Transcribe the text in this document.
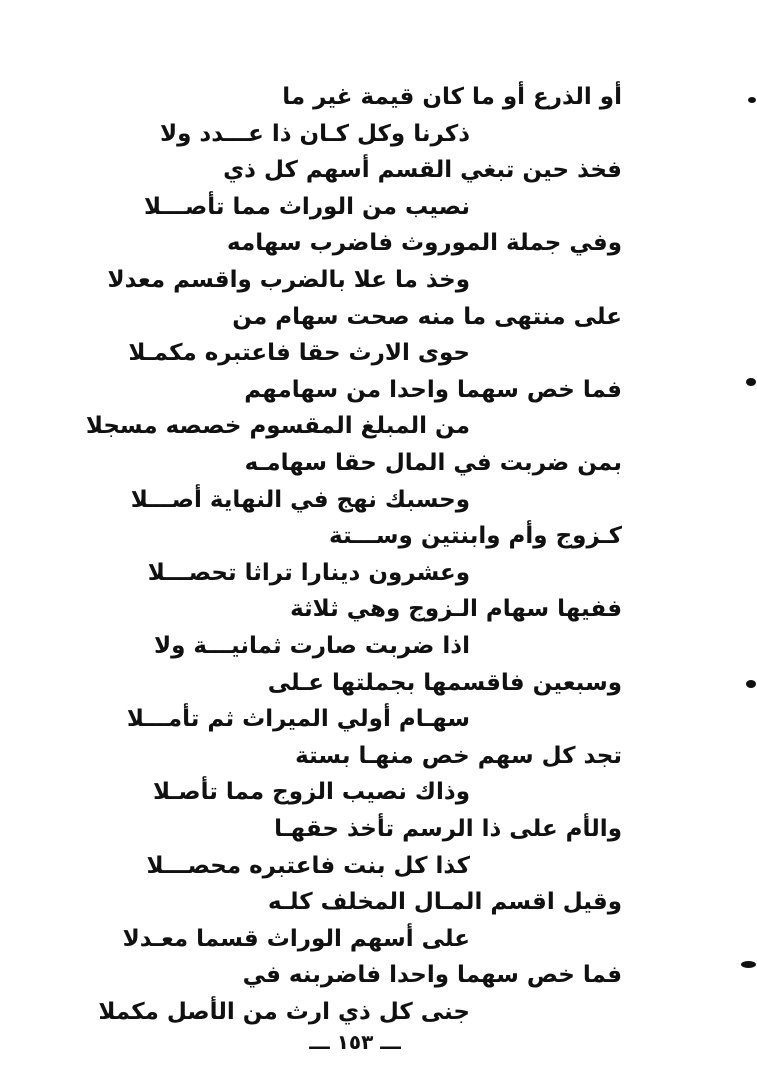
أو الذرع أو ما كان قيمة غير ما
ذكرنا وكل كـان ذا عـــدد ولا
فخذ حين تبغي القسم أسهم كل ذي
نصيب من الوراث مما تأصـــلا
وفي جملة الموروث فاضرب سهامه
وخذ ما علا بالضرب واقسم معدلا
على منتهى ما منه صحت سهام من
حوى الارث حقا فاعتبره مكمـلا
فما خص سهما واحدا من سهامهم
من المبلغ المقسوم خصصه مسجلا
بمن ضربت في المال حقا سهامـه
وحسبك نهج في النهاية أصـــلا
كـزوج وأم وابنتين وســـتة
وعشرون دينارا تراثا تحصـــلا
ففيها سهام الـزوج وهي ثلاثة
اذا ضربت صارت ثمانيـــة ولا
وسبعين فاقسمها بجملتها عـلى
سهـام أولي الميراث ثم تأمـــلا
تجد كل سهم خص منهـا بستة
وذاك نصيب الزوج مما تأصـلا
والأم على ذا الرسم تأخذ حقهـا
كذا كل بنت فاعتبره محصـــلا
وقيل اقسم المـال المخلف كلـه
على أسهم الوراث قسما معـدلا
فما خص سهما واحدا فاضربنه في
جنى كل ذي ارث من الأصل مكملا
ـــ ١٥٣ ـــ
